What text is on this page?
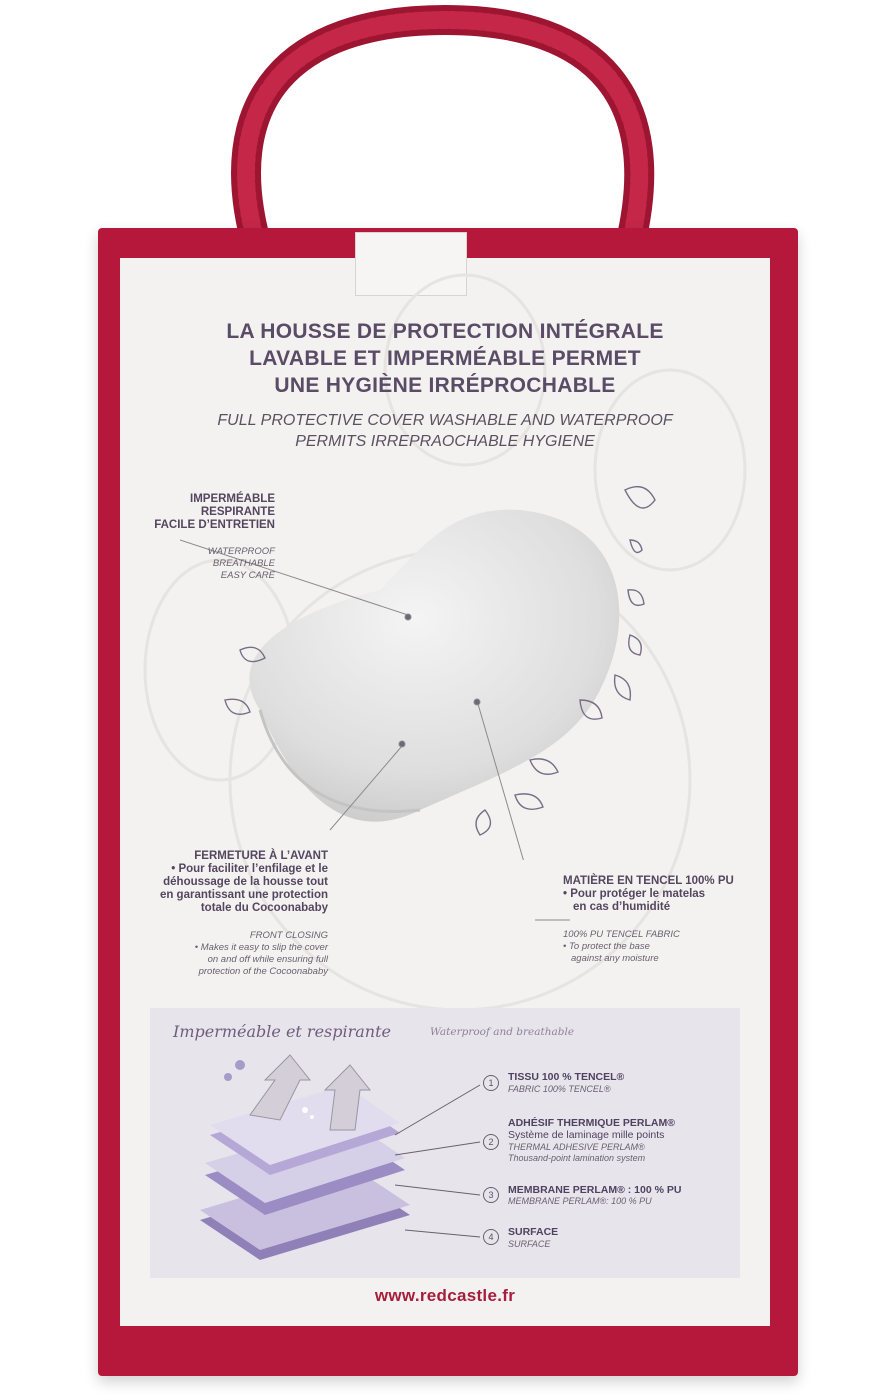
LA HOUSSE DE PROTECTION INTÉGRALE
LAVABLE ET IMPERMÉABLE PERMET
UNE HYGIÈNE IRRÉPROCHABLE
FULL PROTECTIVE COVER WASHABLE AND WATERPROOF
PERMITS IRREPRAOCHABLE HYGIENE
IMPERMÉABLE
RESPIRANTE
FACILE D’ENTRETIEN
WATERPROOF
BREATHABLE
EASY CARE
FERMETURE À L’AVANT
• Pour faciliter l’enfilage et le
déhoussage de la housse tout
en garantissant une protection
totale du Cocoonababy
FRONT CLOSING
• Makes it easy to slip the cover
on and off while ensuring full
protection of the Cocoonababy
MATIÈRE EN TENCEL 100% PU
• Pour protéger le matelas
en cas d’humidité
100% PU TENCEL FABRIC
• To protect the base
against any moisture
Imperméable et respirante	Waterproof and breathable
1
2
3
4
TISSU 100 % TENCEL®
FABRIC 100% TENCEL®
ADHÉSIF THERMIQUE PERLAM®
Système de laminage mille points
THERMAL ADHESIVE PERLAM®
Thousand-point lamination system
MEMBRANE PERLAM® : 100 % PU
MEMBRANE PERLAM®: 100 % PU
SURFACE
SURFACE
www.redcastle.fr
